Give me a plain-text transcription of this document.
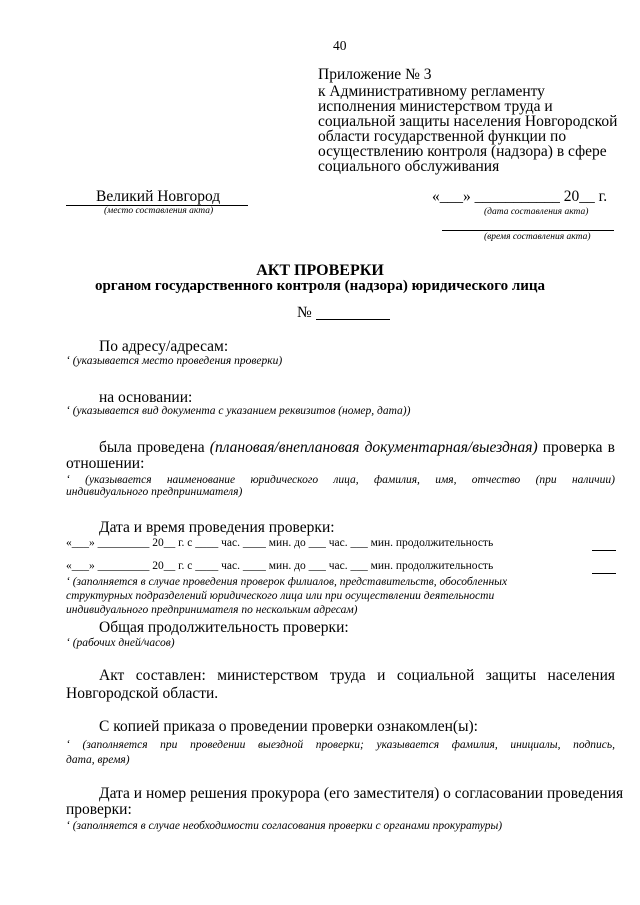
40
Приложение № 3
к Административному регламенту
исполнения министерством труда и
социальной защиты населения Новгородской
области государственной функции по
осуществлению контроля (надзора) в сфере
социального обслуживания
Великий Новгород
(место составления акта)
«___» ___________ 20__ г.
(дата составления акта)
(время составления акта)
АКТ ПРОВЕРКИ
органом государственного контроля (надзора) юридического лица
№
По адресу/адресам:
‘ (указывается место проведения проверки)
на основании:
‘ (указывается вид документа с указанием реквизитов (номер, дата))
была проведена (плановая/внеплановая документарная/выездная) проверка в
отношении:
‘ (указывается наименование юридического лица, фамилия, имя, отчество (при наличии)
индивидуального предпринимателя)
Дата и время проведения проверки:
«___» _________ 20__ г. с ____ час. ____ мин. до ___ час. ___ мин. продолжительность
«___» _________ 20__ г. с ____ час. ____ мин. до ___ час. ___ мин. продолжительность
‘ (заполняется в случае проведения проверок филиалов, представительств, обособленных
структурных подразделений юридического лица или при осуществлении деятельности
индивидуального предпринимателя по нескольким адресам)
Общая продолжительность проверки:
‘ (рабочих дней/часов)
Акт составлен: министерством труда и социальной защиты населения
Новгородской области.
С копией приказа о проведении проверки ознакомлен(ы):
‘ (заполняется при проведении выездной проверки; указывается фамилия, инициалы, подпись,
дата, время)
Дата и номер решения прокурора (его заместителя) о согласовании проведения
проверки:
‘ (заполняется в случае необходимости согласования проверки с органами прокуратуры)
